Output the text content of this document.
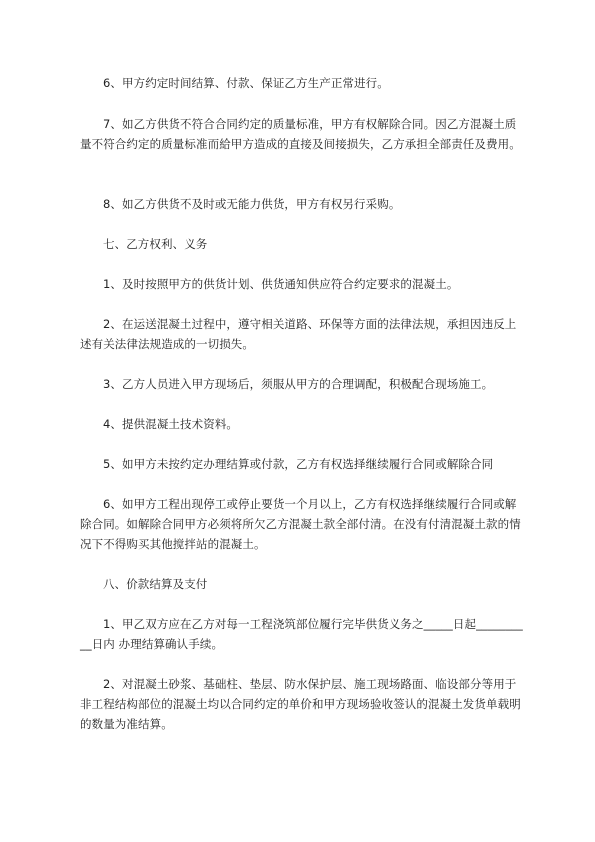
6、甲方约定时间结算、付款、保证乙方生产正常进行。

7、如乙方供货不符合合同约定的质量标准，甲方有权解除合同。因乙方混凝土质量不符合约定的质量标准而給甲方造成的直接及间接损失，乙方承担全部责任及费用。

8、如乙方供货不及时或无能力供货，甲方有权另行采购。

七、乙方权利、义务

1、及时按照甲方的供货计划、供货通知供应符合约定要求的混凝土。

2、在运送混凝土过程中，遵守相关道路、环保等方面的法律法规，承担因违反上述有关法律法规造成的一切损失。

3、乙方人员进入甲方现场后，须服从甲方的合理调配，积极配合现场施工。

4、提供混凝土技术资料。

5、如甲方未按约定办理结算或付款，乙方有权选择继续履行合同或解除合同

6、如甲方工程出现停工或停止要货一个月以上，乙方有权选择继续履行合同或解除合同。如解除合同甲方必须将所欠乙方混凝土款全部付清。在没有付清混凝土款的情况下不得购买其他搅拌站的混凝土。

八、价款结算及支付

1、甲乙双方应在乙方对每一工程浇筑部位履行完毕供货义务之_____日起__________日内 办理结算确认手续。

2、对混凝土砂浆、基础柱、垫层、防水保护层、施工现场路面、临设部分等用于非工程结构部位的混凝土均以合同约定的单价和甲方现场验收签认的混凝土发货单载明的数量为准结算。
